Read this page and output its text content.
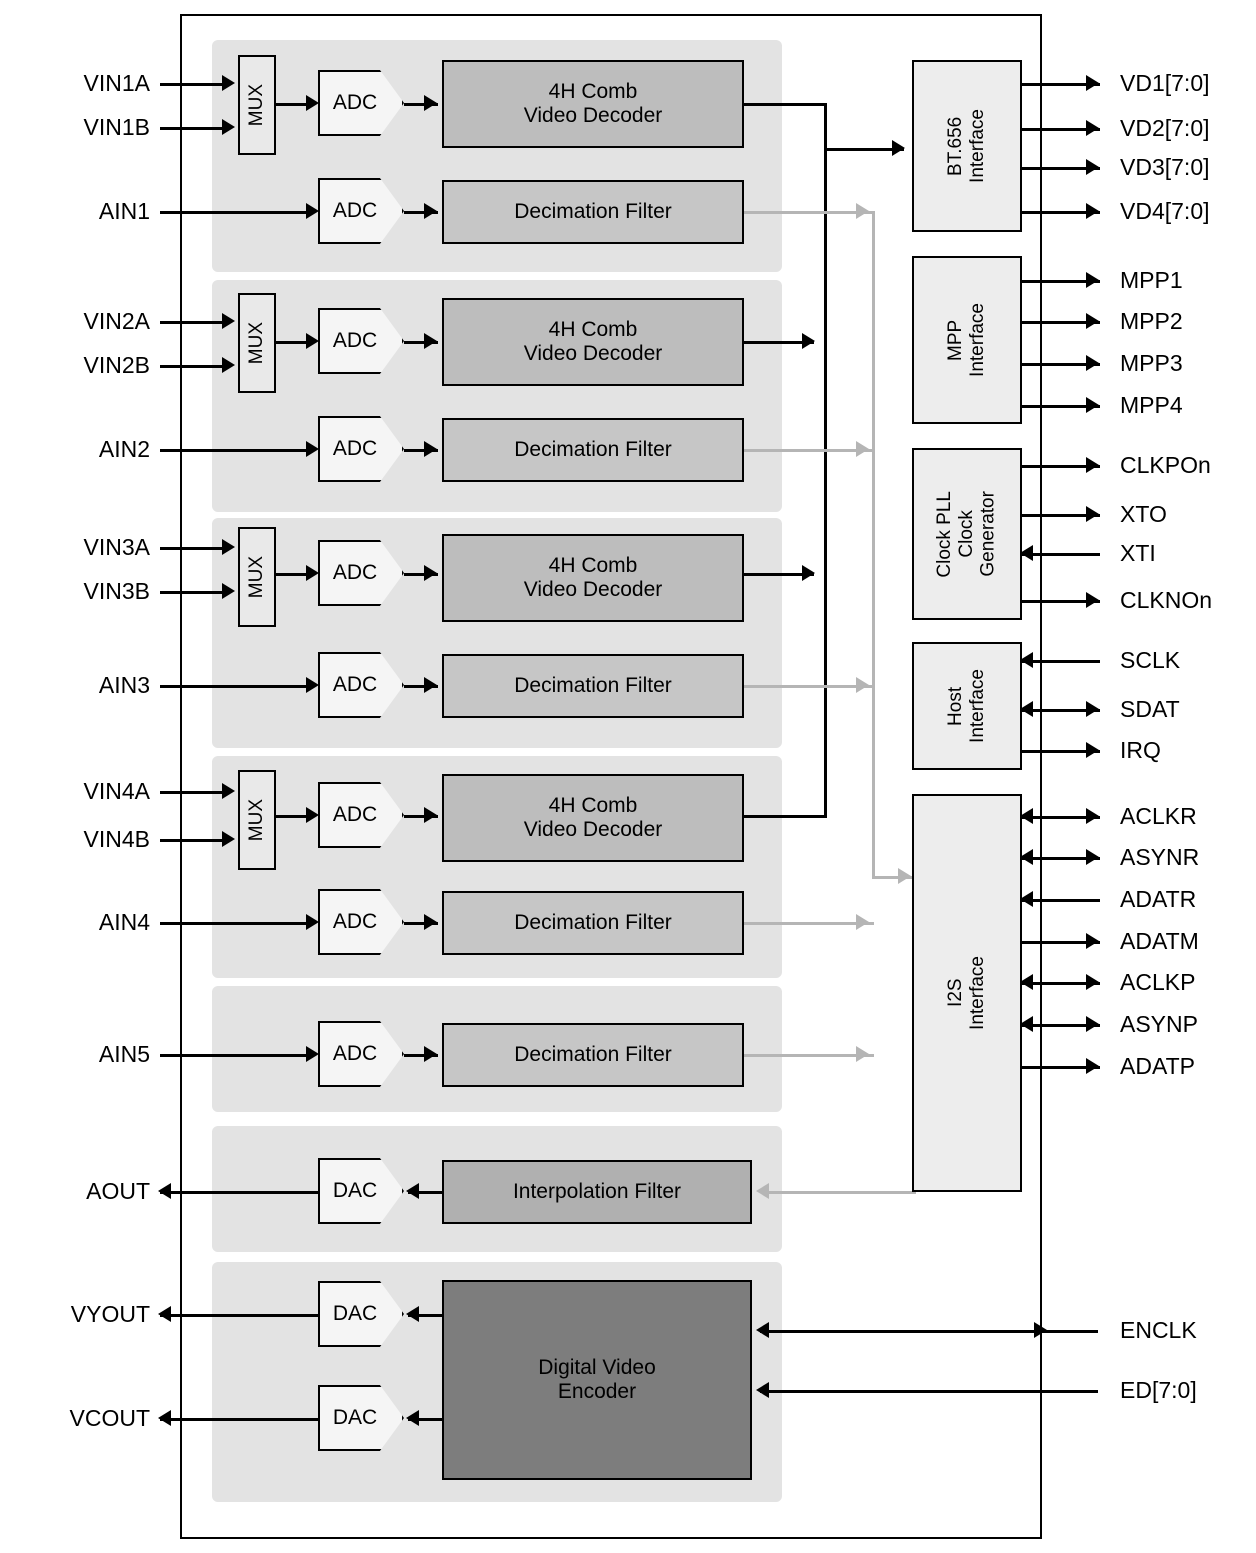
VIN1A
VIN1B
AIN1
VIN2A
VIN2B
AIN2
VIN3A
VIN3B
AIN3
VIN4A
VIN4B
AIN4
AIN5
AOUT
VYOUT
VCOUT
MUX	ADC	4H Comb
Video Decoder
ADC	Decimation Filter
MUX	ADC	4H Comb
Video Decoder
ADC	Decimation Filter
MUX	ADC	4H Comb
Video Decoder
ADC	Decimation Filter
MUX	ADC	4H Comb
Video Decoder
ADC	Decimation Filter
ADC	Decimation Filter
DAC	Interpolation Filter
DAC
DAC
Digital Video
Encoder
BT.656 Interface
MPP Interface
Clock PLL Clock Generator
Host Interface
I2S Interface
VD1[7:0]
VD2[7:0]
VD3[7:0]
VD4[7:0]
MPP1
MPP2
MPP3
MPP4
CLKPOn
XTO
XTI
CLKNOn
SCLK
SDAT
IRQ
ACLKR
ASYNR
ADATR
ADATM
ACLKP
ASYNP
ADATP
ENCLK
ED[7:0]
